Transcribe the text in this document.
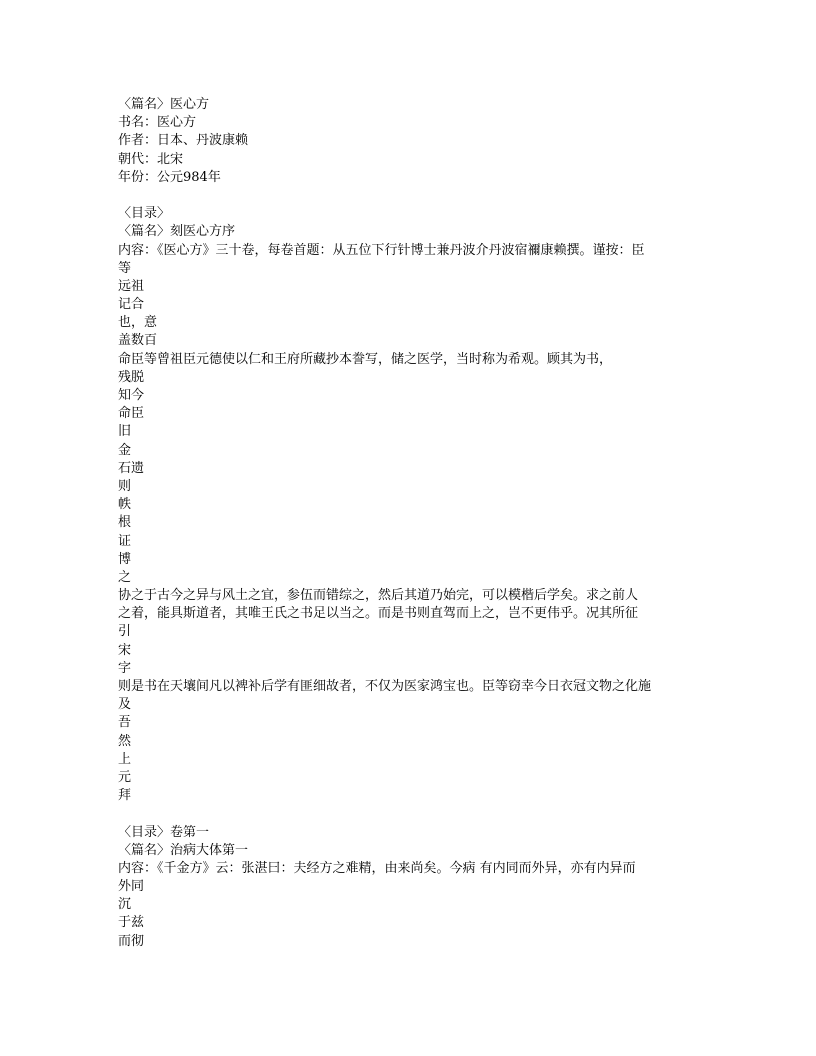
〈篇名〉医心方
书名：医心方
作者：日本、丹波康赖
朝代：北宋
年份：公元984年
〈目录〉
〈篇名〉刻医心方序
内容：《医心方》三十卷，每卷首题：从五位下行针博士兼丹波介丹波宿禰康赖撰。谨按：臣
等
远祖
记合
也，意
盖数百
命臣等曾祖臣元德使以仁和王府所藏抄本誊写，储之医学，当时称为希观。顾其为书，
残脱
知今
命臣
旧
金
石遗
则
帙
根
证
博
之
协之于古今之异与风土之宜，参伍而错综之，然后其道乃始完，可以模楷后学矣。求之前人
之着，能具斯道者，其唯王氏之书足以当之。而是书则直驾而上之，岂不更伟乎。况其所征
引
宋
字
则是书在天壤间凡以裨补后学有匪细故者，不仅为医家鸿宝也。臣等窃幸今日衣冠文物之化施
及
吾
然
上
元
拜
〈目录〉卷第一
〈篇名〉治病大体第一
内容：《千金方》云：张湛曰：夫经方之难精，由来尚矣。今病 有内同而外异，亦有内异而
外同
沉
于兹
而彻
